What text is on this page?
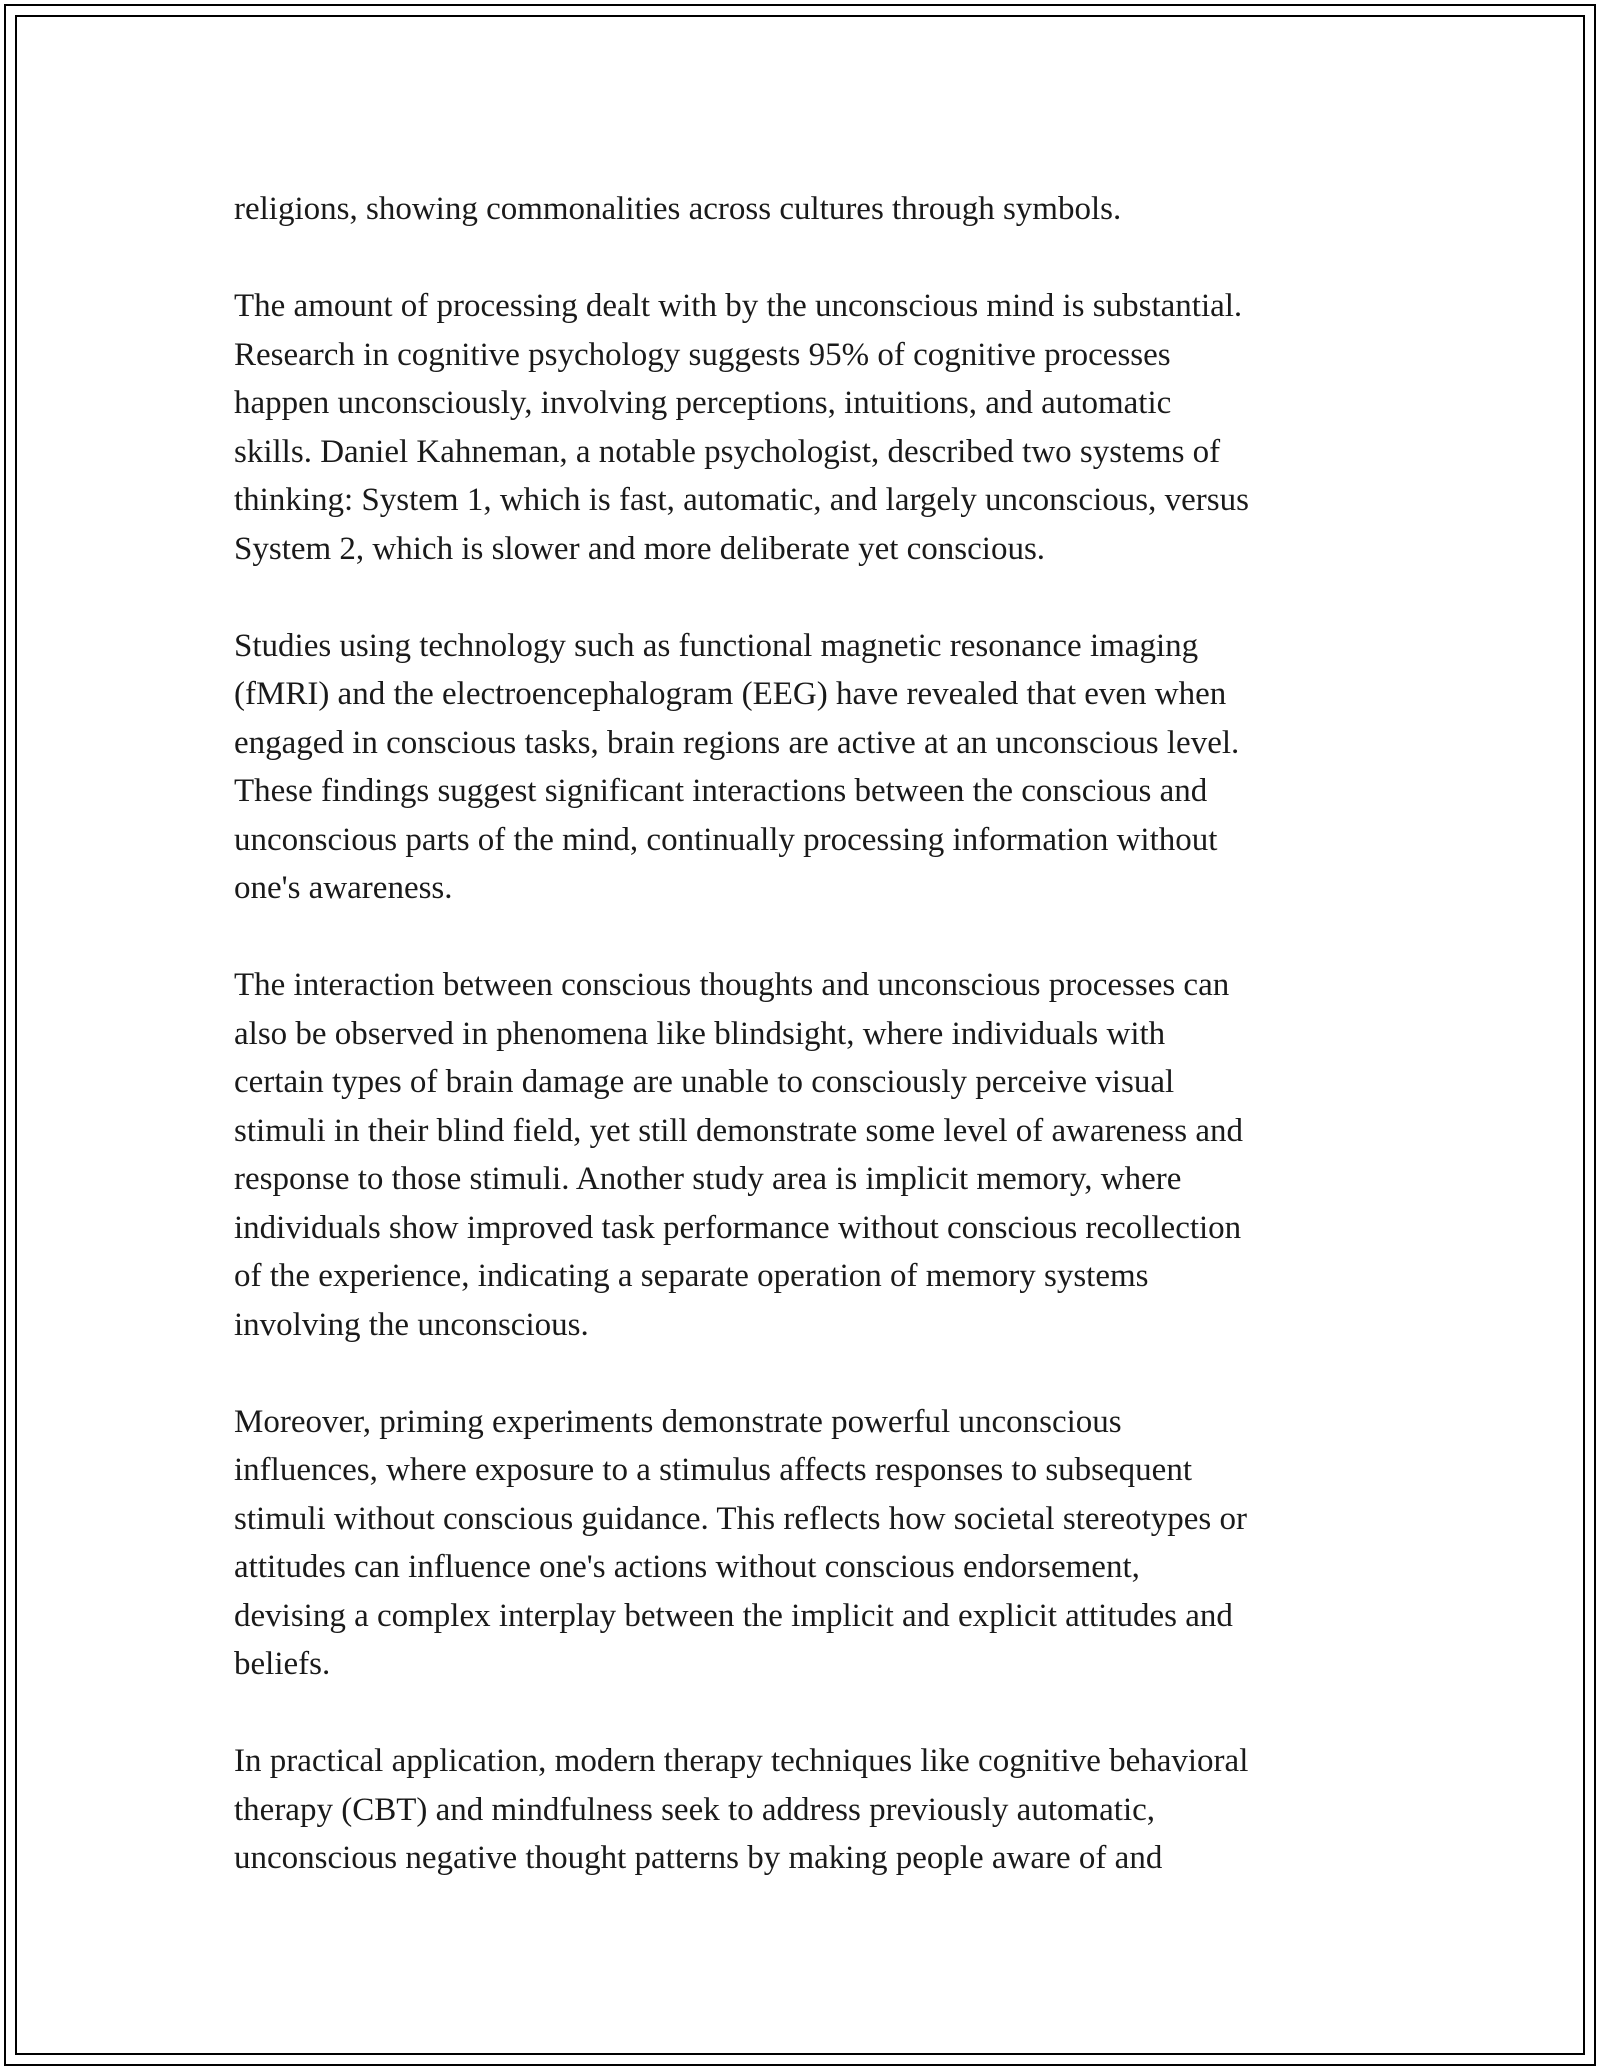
religions, showing commonalities across cultures through symbols.

The amount of processing dealt with by the unconscious mind is substantial.
Research in cognitive psychology suggests 95% of cognitive processes
happen unconsciously, involving perceptions, intuitions, and automatic
skills. Daniel Kahneman, a notable psychologist, described two systems of
thinking: System 1, which is fast, automatic, and largely unconscious, versus
System 2, which is slower and more deliberate yet conscious.

Studies using technology such as functional magnetic resonance imaging
(fMRI) and the electroencephalogram (EEG) have revealed that even when
engaged in conscious tasks, brain regions are active at an unconscious level.
These findings suggest significant interactions between the conscious and
unconscious parts of the mind, continually processing information without
one's awareness.

The interaction between conscious thoughts and unconscious processes can
also be observed in phenomena like blindsight, where individuals with
certain types of brain damage are unable to consciously perceive visual
stimuli in their blind field, yet still demonstrate some level of awareness and
response to those stimuli. Another study area is implicit memory, where
individuals show improved task performance without conscious recollection
of the experience, indicating a separate operation of memory systems
involving the unconscious.

Moreover, priming experiments demonstrate powerful unconscious
influences, where exposure to a stimulus affects responses to subsequent
stimuli without conscious guidance. This reflects how societal stereotypes or
attitudes can influence one's actions without conscious endorsement,
devising a complex interplay between the implicit and explicit attitudes and
beliefs.

In practical application, modern therapy techniques like cognitive behavioral
therapy (CBT) and mindfulness seek to address previously automatic,
unconscious negative thought patterns by making people aware of and
